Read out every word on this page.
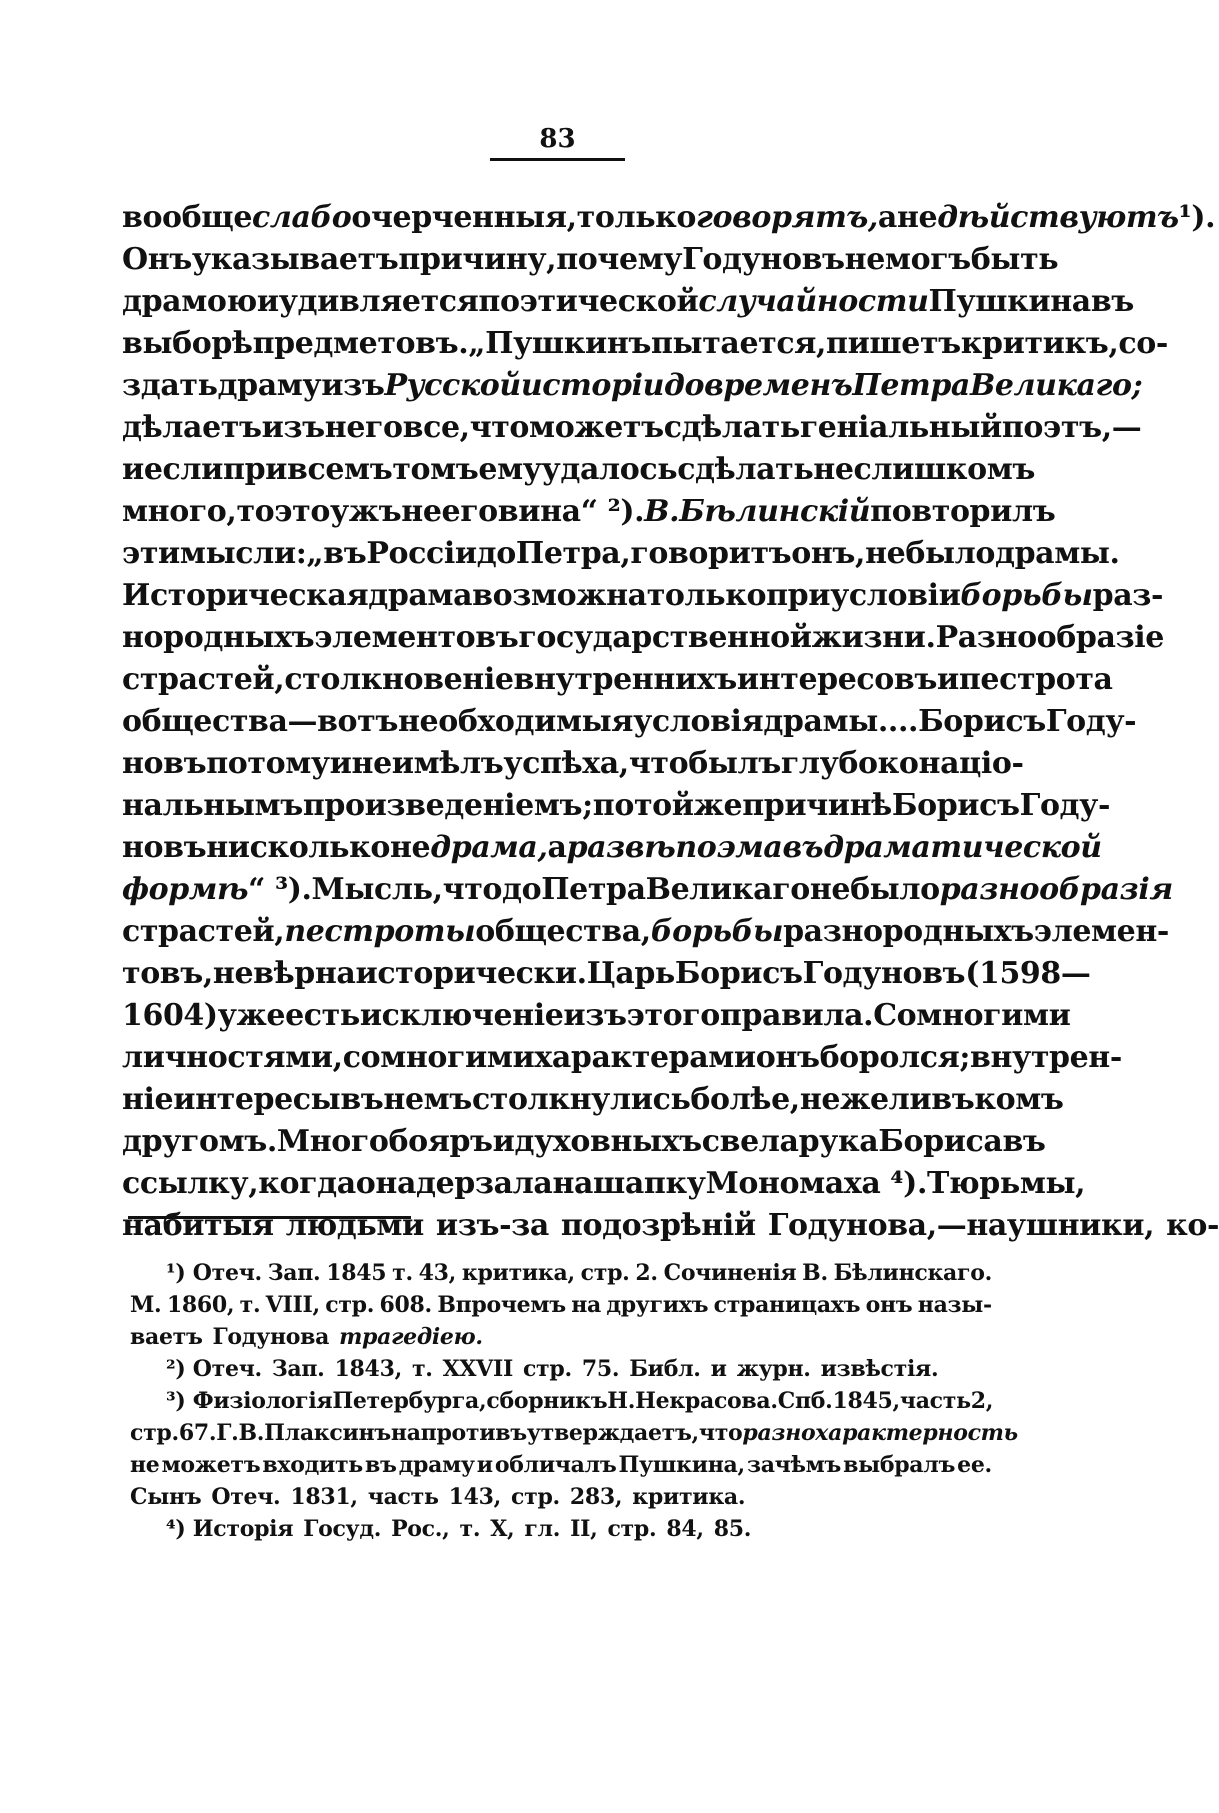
83
вообще слабо очерченныя, только говорятъ, а не дѣйствуютъ ¹).
Онъ указываетъ причину, почему Годуновъ не могъ быть
драмою и удивляется поэтической случайности Пушкина въ
выборѣ предметовъ. „Пушкинъ пытается, пишетъ критикъ, со-
здать драму изъ Русской исторіи до временъ Петра Великаго;
дѣлаетъ изъ него все, что можетъ сдѣлать геніальный поэтъ,—
и если при всемъ томъ ему удалось сдѣлать не слишкомъ
много, то это ужъ не его вина“ ²). В. Бѣлинскій повторилъ
эти мысли: „въ Россіи до Петра, говоритъ онъ, не было драмы.
Историческая драма возможна только при условіи борьбы раз-
нородныхъ элементовъ государственной жизни. Разнообразіе
страстей, столкновеніе внутреннихъ интересовъ и пестрота
общества—вотъ необходимыя условія драмы.... Борисъ Году-
новъ потому и не имѣлъ успѣха, что былъ глубоко націо-
нальнымъ произведеніемъ; по той же причинѣ Борисъ Году-
новъ нисколько не драма, а развѣ поэма въ драматической
формѣ “ ³). Мысль, что до Петра Великаго не было разнообразія
страстей, пестроты общества, борьбы разнородныхъ элемен-
товъ, невѣрна исторически. Царь Борисъ Годуновъ (1598—
1604) уже есть исключеніе изъ этого правила. Со многими
личностями, со многими характерами онъ боролся; внутрен-
ніе интересы въ немъ столкнулись болѣе, нежели въ комъ
другомъ. Много бояръ и духовныхъ свела рука Бориса въ
ссылку, когда она дерзала на шапку Мономаха ⁴). Тюрьмы,
набитыя людьми изъ-за подозрѣній Годунова,—наушники, ко-
¹) Отеч. Зап. 1845 т. 43, критика, стр. 2. Сочиненія В. Бѣлинскаго.
М. 1860, т. VIII, стр. 608. Впрочемъ на другихъ страницахъ онъ назы-
ваетъ Годунова трагедіею.
²) Отеч. Зап. 1843, т. XXVII стр. 75. Библ. и журн. извѣстія.
³) Физіологія Петербурга, сборникъ Н. Некрасова. Спб. 1845, часть 2,
стр. 67. Г. В. Плаксинъ напротивъ утверждаетъ, что разнохарактерность
не можетъ входить въ драму и обличалъ Пушкина, зачѣмъ выбралъ ее.
Сынъ Отеч. 1831, часть 143, стр. 283, критика.
⁴) Исторія Госуд. Рос., т. X, гл. II, стр. 84, 85.
